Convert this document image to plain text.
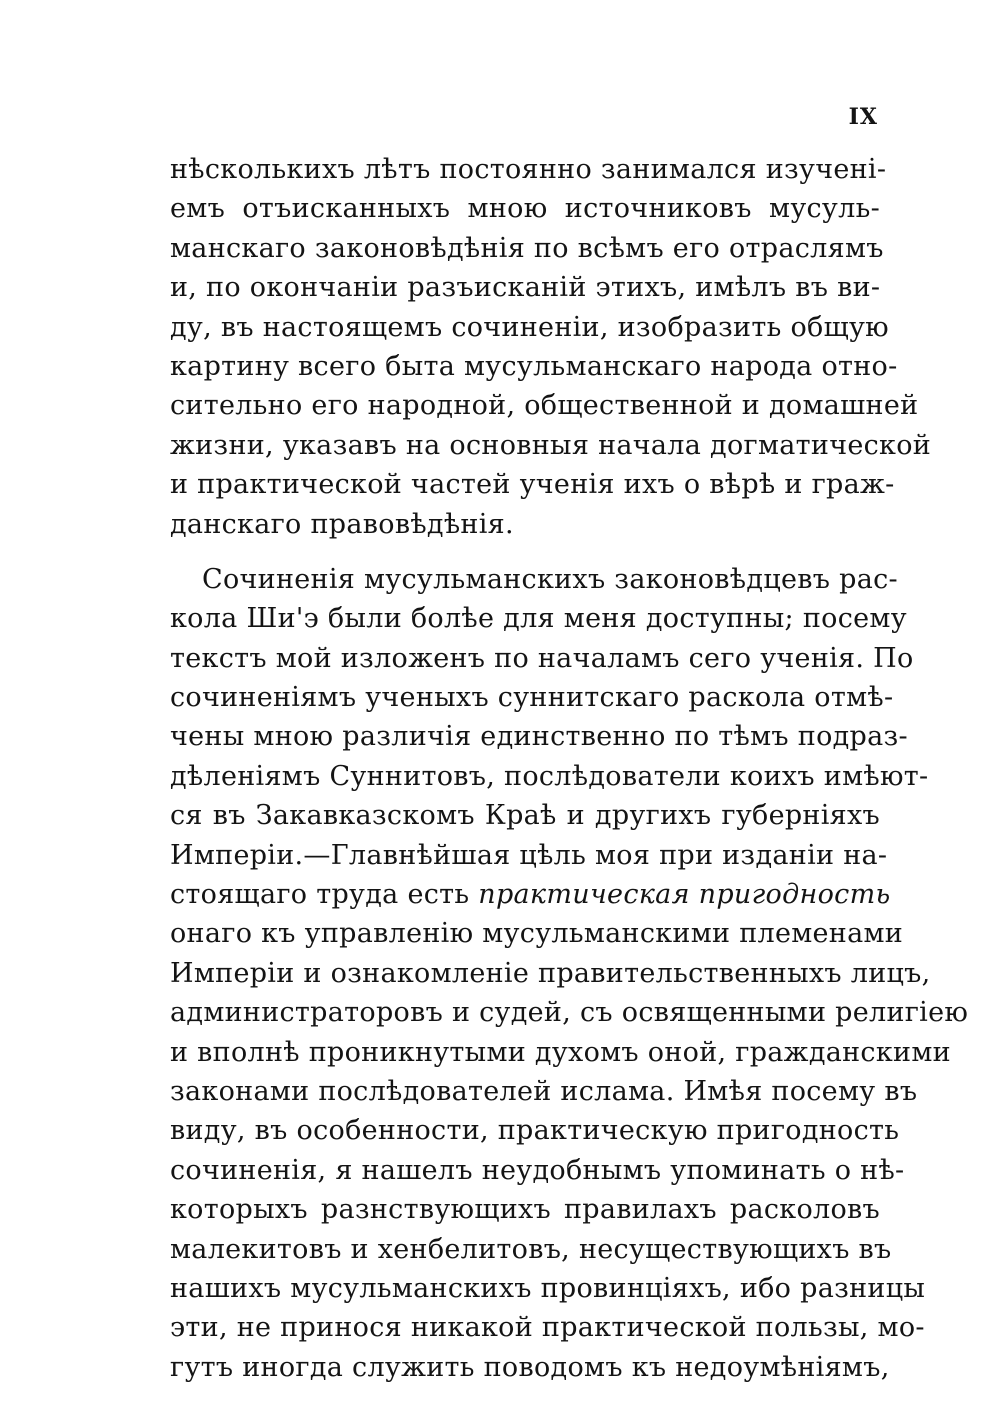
IX
нѣсколькихъ лѣтъ постоянно занимался изучені-
емъ отъисканныхъ мною источниковъ мусуль-
манскаго законовѣдѣнія по всѣмъ его отраслямъ
и, по окончаніи разъисканій этихъ, имѣлъ въ ви-
ду, въ настоящемъ сочиненіи, изобразить общую
картину всего быта мусульманскаго народа отно-
сительно его народной, общественной и домашней
жизни, указавъ на основныя начала догматической
и практической частей ученія ихъ о вѣрѣ и граж-
данскаго правовѣдѣнія.
Сочиненія мусульманскихъ законовѣдцевъ рас-
кола Ши'э были болѣе для меня доступны; посему
текстъ мой изложенъ по началамъ сего ученія. По
сочиненіямъ ученыхъ суннитскаго раскола отмѣ-
чены мною различія единственно по тѣмъ подраз-
дѣленіямъ Суннитовъ, послѣдователи коихъ имѣют-
ся въ Закавказскомъ Краѣ и другихъ губерніяхъ
Имперіи.—Главнѣйшая цѣль моя при изданіи на-
стоящаго труда есть практическая пригодность
онаго къ управленію мусульманскими племенами
Имперіи и ознакомленіе правительственныхъ лицъ,
администраторовъ и судей, съ освященными религіею
и вполнѣ проникнутыми духомъ оной, гражданскими
законами послѣдователей ислама. Имѣя посему въ
виду, въ особенности, практическую пригодность
сочиненія, я нашелъ неудобнымъ упоминать о нѣ-
которыхъ разнствующихъ правилахъ расколовъ
малекитовъ и хенбелитовъ, несуществующихъ въ
нашихъ мусульманскихъ провинціяхъ, ибо разницы
эти, не принося никакой практической пользы, мо-
гутъ иногда служить поводомъ къ недоумѣніямъ,
